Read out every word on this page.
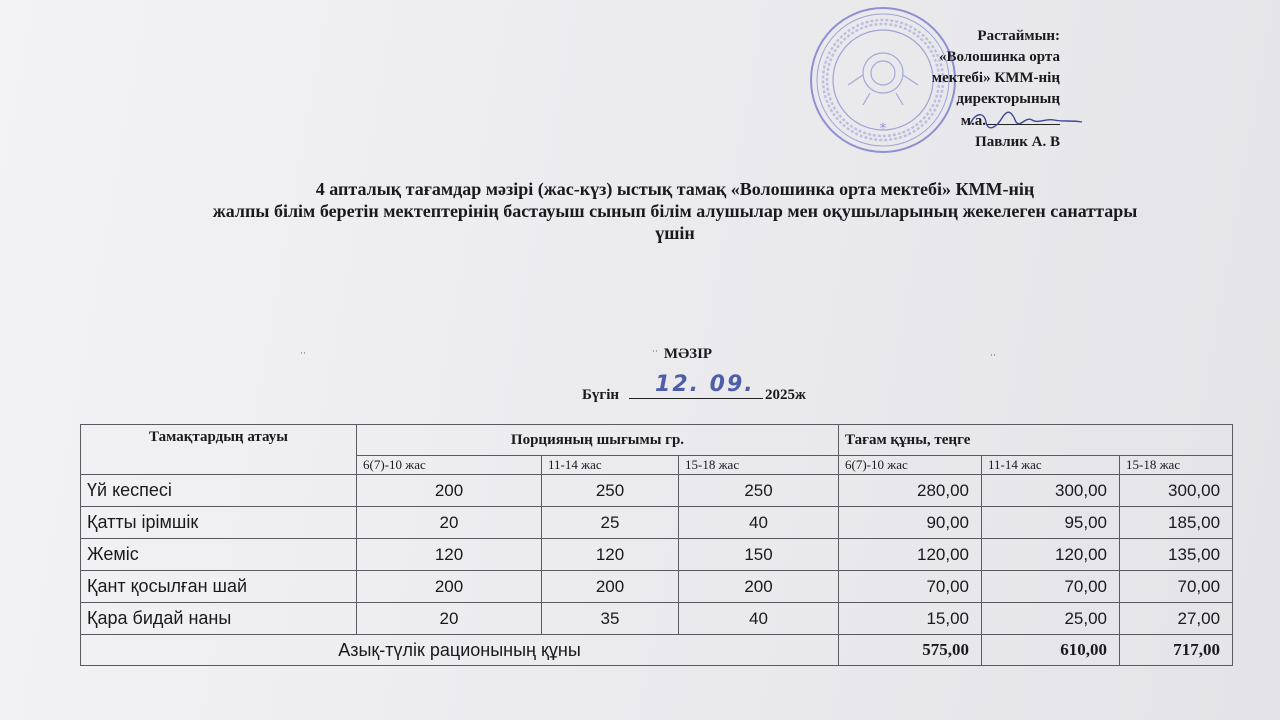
*
Растаймын:
«Волошинка орта
мектебі» КММ-нің
директорының
м.а.
Павлик А. В
4 апталық тағамдар мәзірі (жас-күз) ыстық тамақ «Волошинка орта мектебі» КММ-нің
жалпы білім беретін мектептерінің бастауыш сынып білім алушылар мен оқушыларының жекелеген санаттары
үшін
··	··	··
МӘЗІР
Бүгін 12. 09. 2025ж
Тамақтардың атауы	Порцияның шығымы гр.			Тағам құны, теңге		
	6(7)-10 жас	11-14 жас	15-18 жас	6(7)-10 жас	11-14 жас	15-18 жас
Үй кеспесі	200	250	250	280,00	300,00	300,00
Қатты ірімшік	20	25	40	90,00	95,00	185,00
Жеміс	120	120	150	120,00	120,00	135,00
Қант қосылған шай	200	200	200	70,00	70,00	70,00
Қара бидай наны	20	35	40	15,00	25,00	27,00
Азық-түлік рационының құны				575,00	610,00	717,00
